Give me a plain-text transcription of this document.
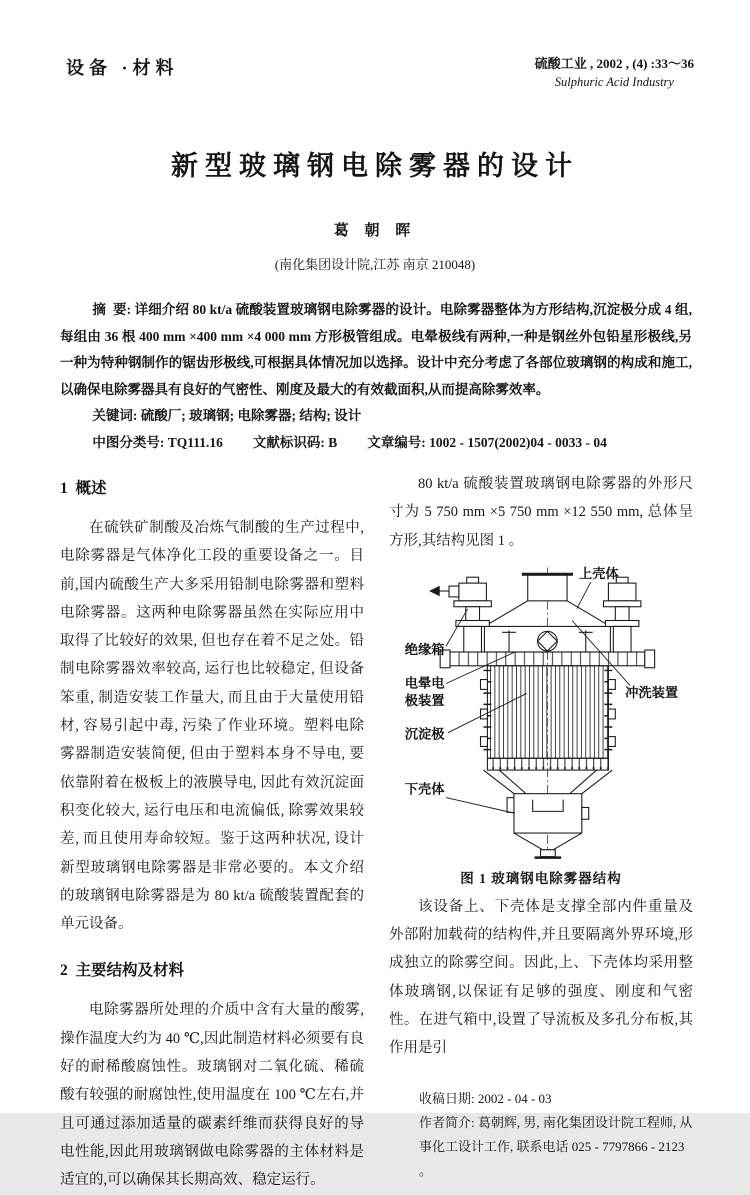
设备 ·材料	硫酸工业 , 2002 , (4) :33～36
Sulphuric Acid Industry
新型玻璃钢电除雾器的设计
葛 朝 晖
(南化集团设计院,江苏 南京 210048)

摘  要: 详细介绍 80 kt/a 硫酸装置玻璃钢电除雾器的设计。电除雾器整体为方形结构,沉淀极分成 4 组,每组由 36 根 400 mm ×400 mm ×4 000 mm 方形极管组成。电晕极线有两种,一种是钢丝外包铅星形极线,另一种为特种钢制作的锯齿形极线,可根据具体情况加以选择。设计中充分考虑了各部位玻璃钢的构成和施工,以确保电除雾器具有良好的气密性、刚度及最大的有效截面积,从而提高除雾效率。

关键词: 硫酸厂; 玻璃钢; 电除雾器; 结构; 设计

中图分类号: TQ111.16 文献标识码: B 文章编号: 1002 - 1507(2002)04 - 0033 - 04

1  概述

在硫铁矿制酸及冶炼气制酸的生产过程中,电除雾器是气体净化工段的重要设备之一。目前,国内硫酸生产大多采用铅制电除雾器和塑料电除雾器。这两种电除雾器虽然在实际应用中取得了比较好的效果, 但也存在着不足之处。铅制电除雾器效率较高, 运行也比较稳定, 但设备笨重, 制造安装工作量大, 而且由于大量使用铅材, 容易引起中毒, 污染了作业环境。塑料电除雾器制造安装简便, 但由于塑料本身不导电, 要依靠附着在极板上的液膜导电, 因此有效沉淀面积变化较大, 运行电压和电流偏低, 除雾效果较差, 而且使用寿命较短。鉴于这两种状况, 设计新型玻璃钢电除雾器是非常必要的。本文介绍的玻璃钢电除雾器是为 80 kt/a 硫酸装置配套的单元设备。

2  主要结构及材料

电除雾器所处理的介质中含有大量的酸雾, 操作温度大约为 40 ℃,因此制造材料必须要有良好的耐稀酸腐蚀性。玻璃钢对二氧化硫、稀硫酸有较强的耐腐蚀性,使用温度在 100 ℃左右,并且可通过添加适量的碳素纤维而获得良好的导电性能,因此用玻璃钢做电除雾器的主体材料是适宜的,可以确保其长期高效、稳定运行。

80 kt/a 硫酸装置玻璃钢电除雾器的外形尺寸为 5 750 mm ×5 750 mm ×12 550 mm, 总体呈方形,其结构见图 1 。

上壳体
绝缘箱
电晕电
极装置
沉淀极
冲洗装置
下壳体
图 1 玻璃钢电除雾器结构

该设备上、下壳体是支撑全部内件重量及外部附加载荷的结构件,并且要隔离外界环境,形成独立的除雾空间。因此,上、下壳体均采用整体玻璃钢,以保证有足够的强度、刚度和气密性。在进气箱中,设置了导流板及多孔分布板,其作用是引

收稿日期: 2002 - 04 - 03

作者简介: 葛朝辉, 男, 南化集团设计院工程师, 从事化工设计工作, 联系电话 025 - 7797866 - 2123 。
